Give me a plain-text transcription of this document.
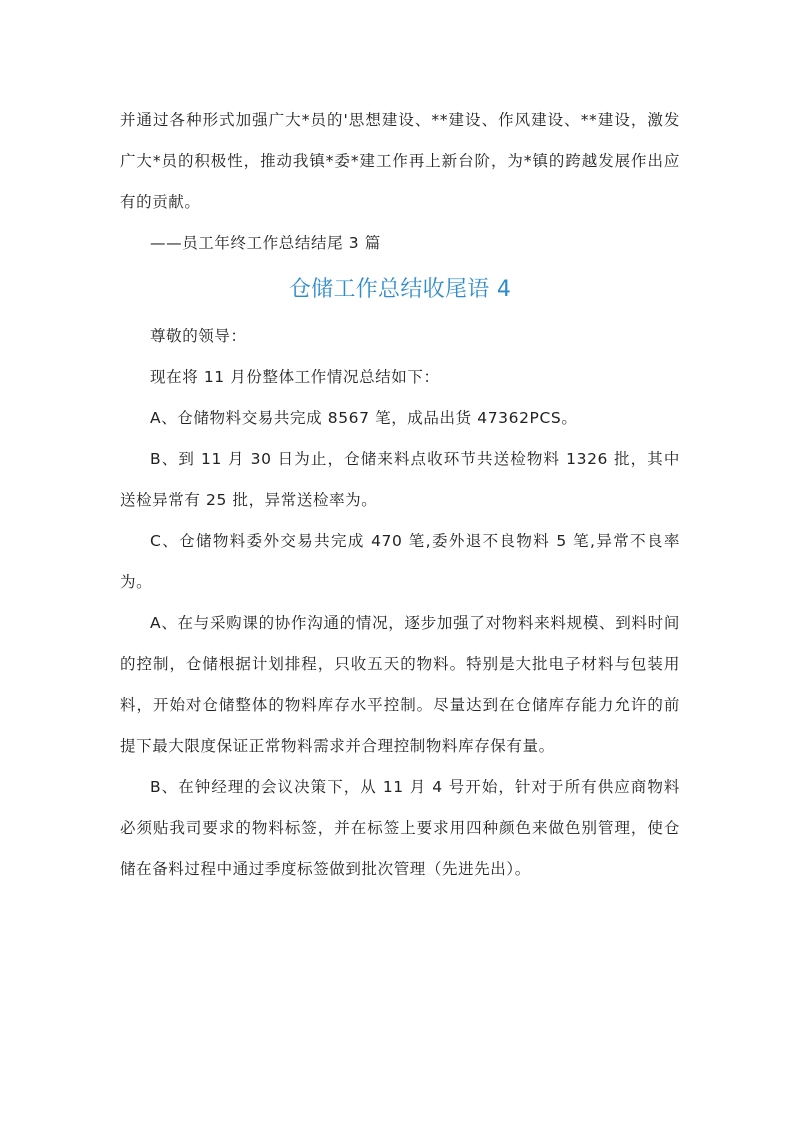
并通过各种形式加强广大*员的'思想建设、**建设、作风建设、**建设，激发广大*员的积极性，推动我镇*委*建工作再上新台阶，为*镇的跨越发展作出应有的贡献。

——员工年终工作总结结尾 3 篇

仓储工作总结收尾语 4

尊敬的领导：

现在将 11 月份整体工作情况总结如下：

A、仓储物料交易共完成 8567 笔，成品出货 47362PCS。

B、到 11 月 30 日为止，仓储来料点收环节共送检物料 1326 批，其中送检异常有 25 批，异常送检率为。

C、仓储物料委外交易共完成 470 笔,委外退不良物料 5 笔,异常不良率为。

A、在与采购课的协作沟通的情况，逐步加强了对物料来料规模、到料时间的控制，仓储根据计划排程，只收五天的物料。特别是大批电子材料与包装用料，开始对仓储整体的物料库存水平控制。尽量达到在仓储库存能力允许的前提下最大限度保证正常物料需求并合理控制物料库存保有量。

B、在钟经理的会议决策下，从 11 月 4 号开始，针对于所有供应商物料必须贴我司要求的物料标签，并在标签上要求用四种颜色来做色别管理，使仓储在备料过程中通过季度标签做到批次管理（先进先出）。
